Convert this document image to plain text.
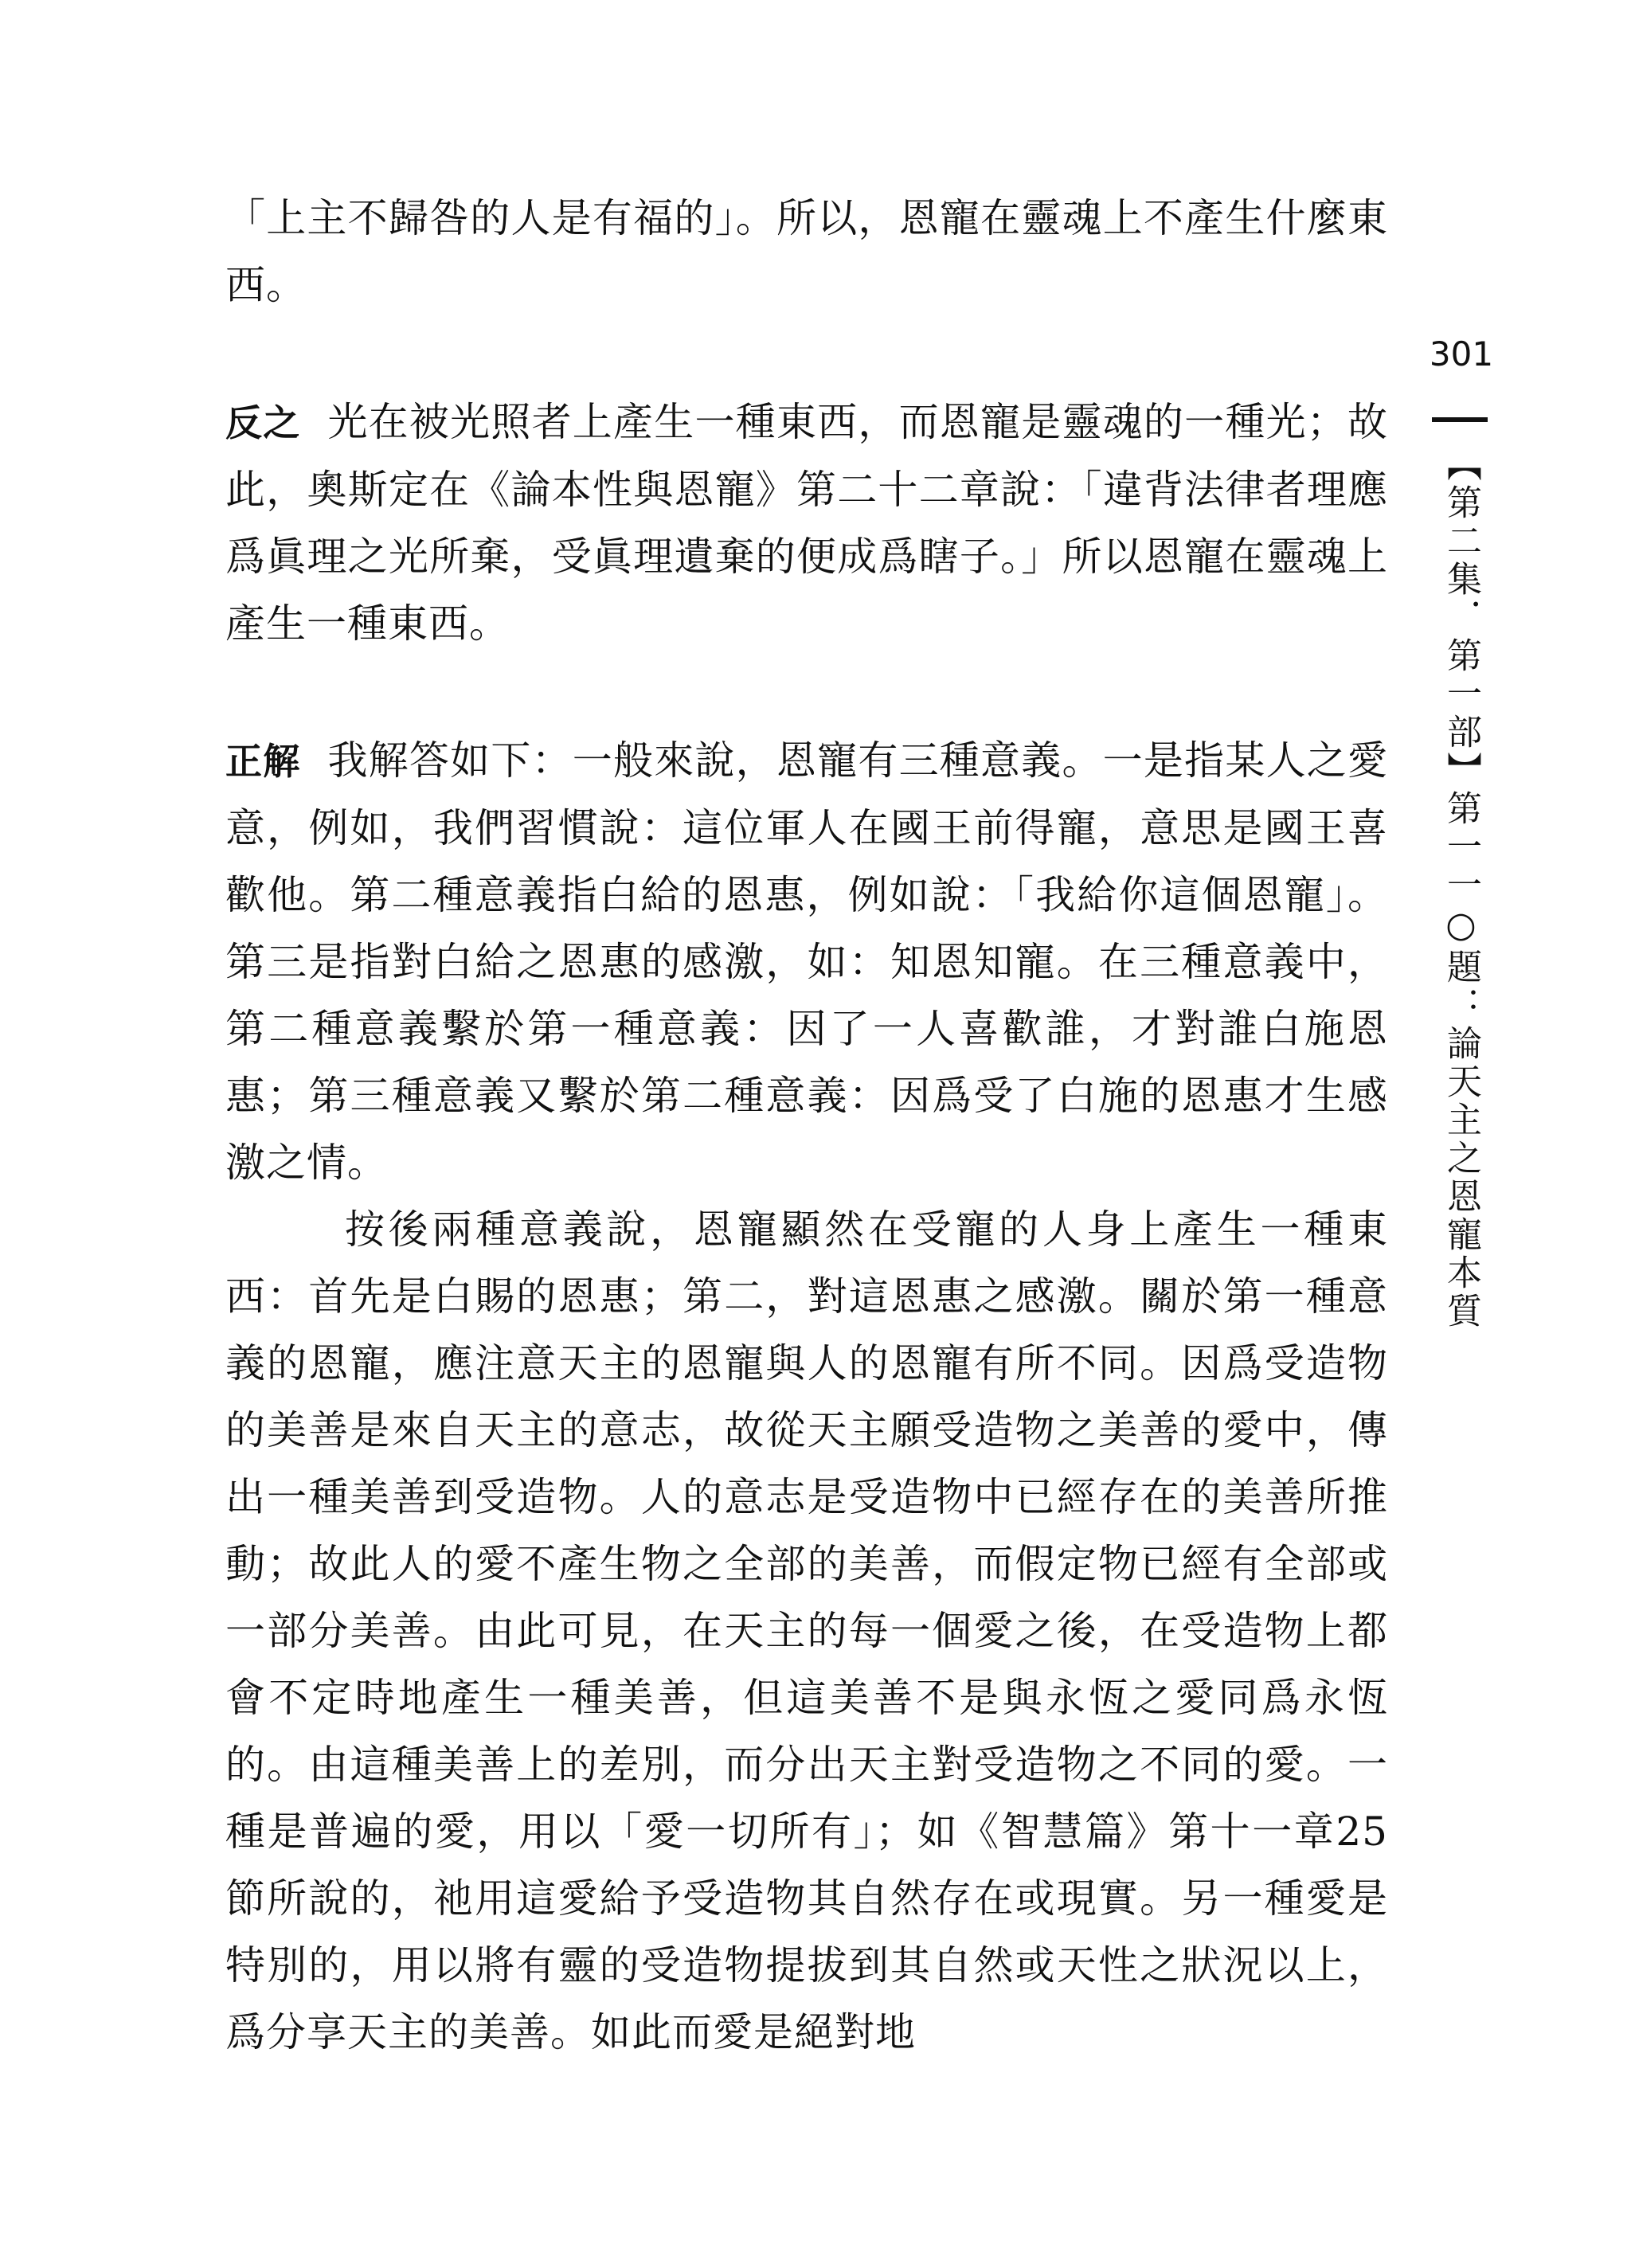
「上主不歸咎的人是有福的」。所以，恩寵在靈魂上不產生什麼東西。

反之 光在被光照者上產生一種東西，而恩寵是靈魂的一種光；故此，奧斯定在《論本性與恩寵》第二十二章說：「違背法律者理應爲眞理之光所棄，受眞理遺棄的便成爲瞎子。」所以恩寵在靈魂上產生一種東西。

正解 我解答如下：一般來說，恩寵有三種意義。一是指某人之愛意，例如，我們習慣說：這位軍人在國王前得寵，意思是國王喜歡他。第二種意義指白給的恩惠，例如說：「我給你這個恩寵」。第三是指對白給之恩惠的感激，如：知恩知寵。在三種意義中，第二種意義繫於第一種意義：因了一人喜歡誰，才對誰白施恩惠；第三種意義又繫於第二種意義：因爲受了白施的恩惠才生感激之情。

按後兩種意義說，恩寵顯然在受寵的人身上產生一種東西：首先是白賜的恩惠；第二，對這恩惠之感激。關於第一種意義的恩寵，應注意天主的恩寵與人的恩寵有所不同。因爲受造物的美善是來自天主的意志，故從天主願受造物之美善的愛中，傳出一種美善到受造物。人的意志是受造物中已經存在的美善所推動；故此人的愛不產生物之全部的美善，而假定物已經有全部或一部分美善。由此可見，在天主的每一個愛之後，在受造物上都會不定時地產生一種美善，但這美善不是與永恆之愛同爲永恆的。由這種美善上的差別，而分出天主對受造物之不同的愛。一種是普遍的愛，用以「愛一切所有」；如《智慧篇》第十一章25節所說的，祂用這愛給予受造物其自然存在或現實。另一種愛是特別的，用以將有靈的受造物提拔到其自然或天性之狀況以上，爲分享天主的美善。如此而愛是絕對地

301
【第二集．第一部】第一一○題：論天主之恩寵本質
